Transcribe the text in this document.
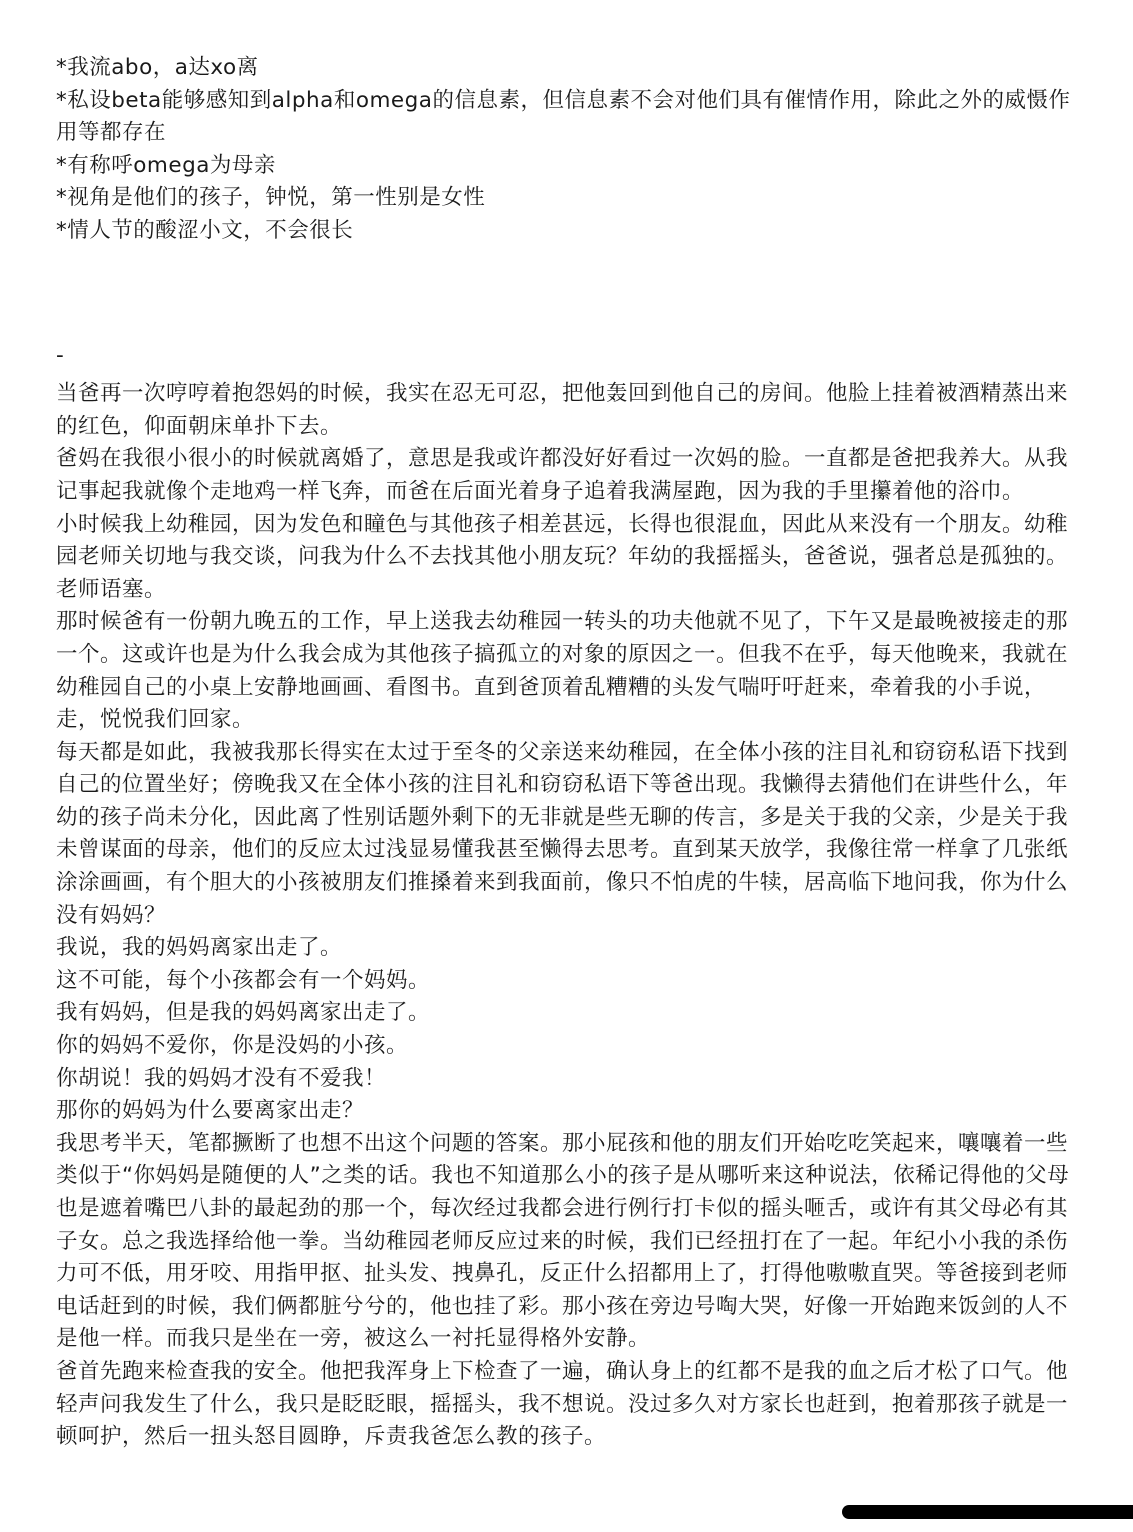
*我流abo，a达xo离

*私设beta能够感知到alpha和omega的信息素，但信息素不会对他们具有催情作用，除此之外的威慑作用等都存在

*有称呼omega为母亲

*视角是他们的孩子，钟悦，第一性别是女性

*情人节的酸涩小文，不会很长

-

当爸再一次哼哼着抱怨妈的时候，我实在忍无可忍，把他轰回到他自己的房间。他脸上挂着被酒精蒸出来的红色，仰面朝床单扑下去。

爸妈在我很小很小的时候就离婚了，意思是我或许都没好好看过一次妈的脸。一直都是爸把我养大。从我记事起我就像个走地鸡一样飞奔，而爸在后面光着身子追着我满屋跑，因为我的手里攥着他的浴巾。

小时候我上幼稚园，因为发色和瞳色与其他孩子相差甚远，长得也很混血，因此从来没有一个朋友。幼稚园老师关切地与我交谈，问我为什么不去找其他小朋友玩？年幼的我摇摇头，爸爸说，强者总是孤独的。老师语塞。

那时候爸有一份朝九晚五的工作，早上送我去幼稚园一转头的功夫他就不见了，下午又是最晚被接走的那一个。这或许也是为什么我会成为其他孩子搞孤立的对象的原因之一。但我不在乎，每天他晚来，我就在幼稚园自己的小桌上安静地画画、看图书。直到爸顶着乱糟糟的头发气喘吁吁赶来，牵着我的小手说，走，悦悦我们回家。

每天都是如此，我被我那长得实在太过于至冬的父亲送来幼稚园，在全体小孩的注目礼和窃窃私语下找到自己的位置坐好；傍晚我又在全体小孩的注目礼和窃窃私语下等爸出现。我懒得去猜他们在讲些什么，年幼的孩子尚未分化，因此离了性别话题外剩下的无非就是些无聊的传言，多是关于我的父亲，少是关于我未曾谋面的母亲，他们的反应太过浅显易懂我甚至懒得去思考。直到某天放学，我像往常一样拿了几张纸涂涂画画，有个胆大的小孩被朋友们推搡着来到我面前，像只不怕虎的牛犊，居高临下地问我，你为什么没有妈妈？

我说，我的妈妈离家出走了。

这不可能，每个小孩都会有一个妈妈。

我有妈妈，但是我的妈妈离家出走了。

你的妈妈不爱你，你是没妈的小孩。

你胡说！我的妈妈才没有不爱我！

那你的妈妈为什么要离家出走？

我思考半天，笔都撅断了也想不出这个问题的答案。那小屁孩和他的朋友们开始吃吃笑起来，嚷嚷着一些类似于“你妈妈是随便的人”之类的话。我也不知道那么小的孩子是从哪听来这种说法，依稀记得他的父母也是遮着嘴巴八卦的最起劲的那一个，每次经过我都会进行例行打卡似的摇头咂舌，或许有其父母必有其子女。总之我选择给他一拳。当幼稚园老师反应过来的时候，我们已经扭打在了一起。年纪小小我的杀伤力可不低，用牙咬、用指甲抠、扯头发、拽鼻孔，反正什么招都用上了，打得他嗷嗷直哭。等爸接到老师电话赶到的时候，我们俩都脏兮兮的，他也挂了彩。那小孩在旁边号啕大哭，好像一开始跑来饭剑的人不是他一样。而我只是坐在一旁，被这么一衬托显得格外安静。

爸首先跑来检查我的安全。他把我浑身上下检查了一遍，确认身上的红都不是我的血之后才松了口气。他轻声问我发生了什么，我只是眨眨眼，摇摇头，我不想说。没过多久对方家长也赶到，抱着那孩子就是一顿呵护，然后一扭头怒目圆睁，斥责我爸怎么教的孩子。
